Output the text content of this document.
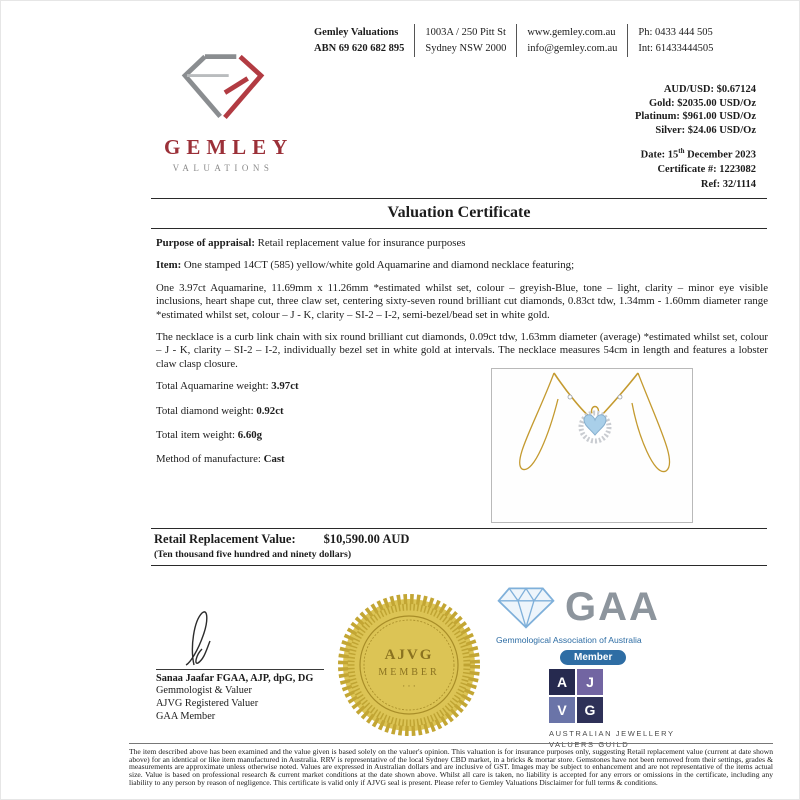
Gemley Valuations
ABN 69 620 682 895
1003A / 250 Pitt St
Sydney NSW 2000
www.gemley.com.au
info@gemley.com.au
Ph: 0433 444 505
Int: 61433444505
GEMLEY
VALUATIONS
AUD/USD: $0.67124
Gold: $2035.00 USD/Oz
Platinum: $961.00 USD/Oz
Silver: $24.06 USD/Oz
Date: 15th December 2023
Certificate #: 1223082
Ref: 32/1114
Valuation Certificate

Purpose of appraisal: Retail replacement value for insurance purposes

Item: One stamped 14CT (585) yellow/white gold Aquamarine and diamond necklace featuring;

One 3.97ct Aquamarine, 11.69mm x 11.26mm *estimated whilst set, colour – greyish-Blue, tone – light, clarity – minor eye visible inclusions, heart shape cut, three claw set, centering sixty-seven round brilliant cut diamonds, 0.83ct tdw, 1.34mm - 1.60mm diameter range *estimated whilst set, colour – J - K, clarity – SI-2 – I-2, semi-bezel/bead set in white gold.

The necklace is a curb link chain with six round brilliant cut diamonds, 0.09ct tdw, 1.63mm diameter (average) *estimated whilst set, colour – J - K, clarity – SI-2 – I-2, individually bezel set in white gold at intervals. The necklace measures 54cm in length and features a lobster claw clasp closure.

Total Aquamarine weight: 3.97ct
Total diamond weight: 0.92ct
Total item weight: 6.60g
Method of manufacture: Cast
Retail Replacement Value: $10,590.00 AUD
(Ten thousand five hundred and ninety dollars)
Sanaa Jaafar FGAA, AJP, dpG, DG
Gemmologist & Valuer
AJVG Registered Valuer
GAA Member
AJVG
MEMBER
· · ·
GAA
Gemmological Association of Australia
Member
A	J
V	G
AUSTRALIAN JEWELLERY
VALUERS GUILD
The item described above has been examined and the value given is based solely on the valuer's opinion. This valuation is for insurance purposes only, suggesting Retail replacement value (current at date shown above) for an identical or like item manufactured in Australia. RRV is representative of the local Sydney CBD market, in a bricks & mortar store. Gemstones have not been removed from their settings, grades & measurements are approximate unless otherwise noted. Values are expressed in Australian dollars and are inclusive of GST. Images may be subject to enhancement and are not representative of the items actual size. Value is based on professional research & current market conditions at the date shown above. Whilst all care is taken, no liability is accepted for any errors or omissions in the certificate, including any liability to any person by reason of negligence. This certificate is valid only if AJVG seal is present. Please refer to Gemley Valuations Disclaimer for full terms & conditions.
